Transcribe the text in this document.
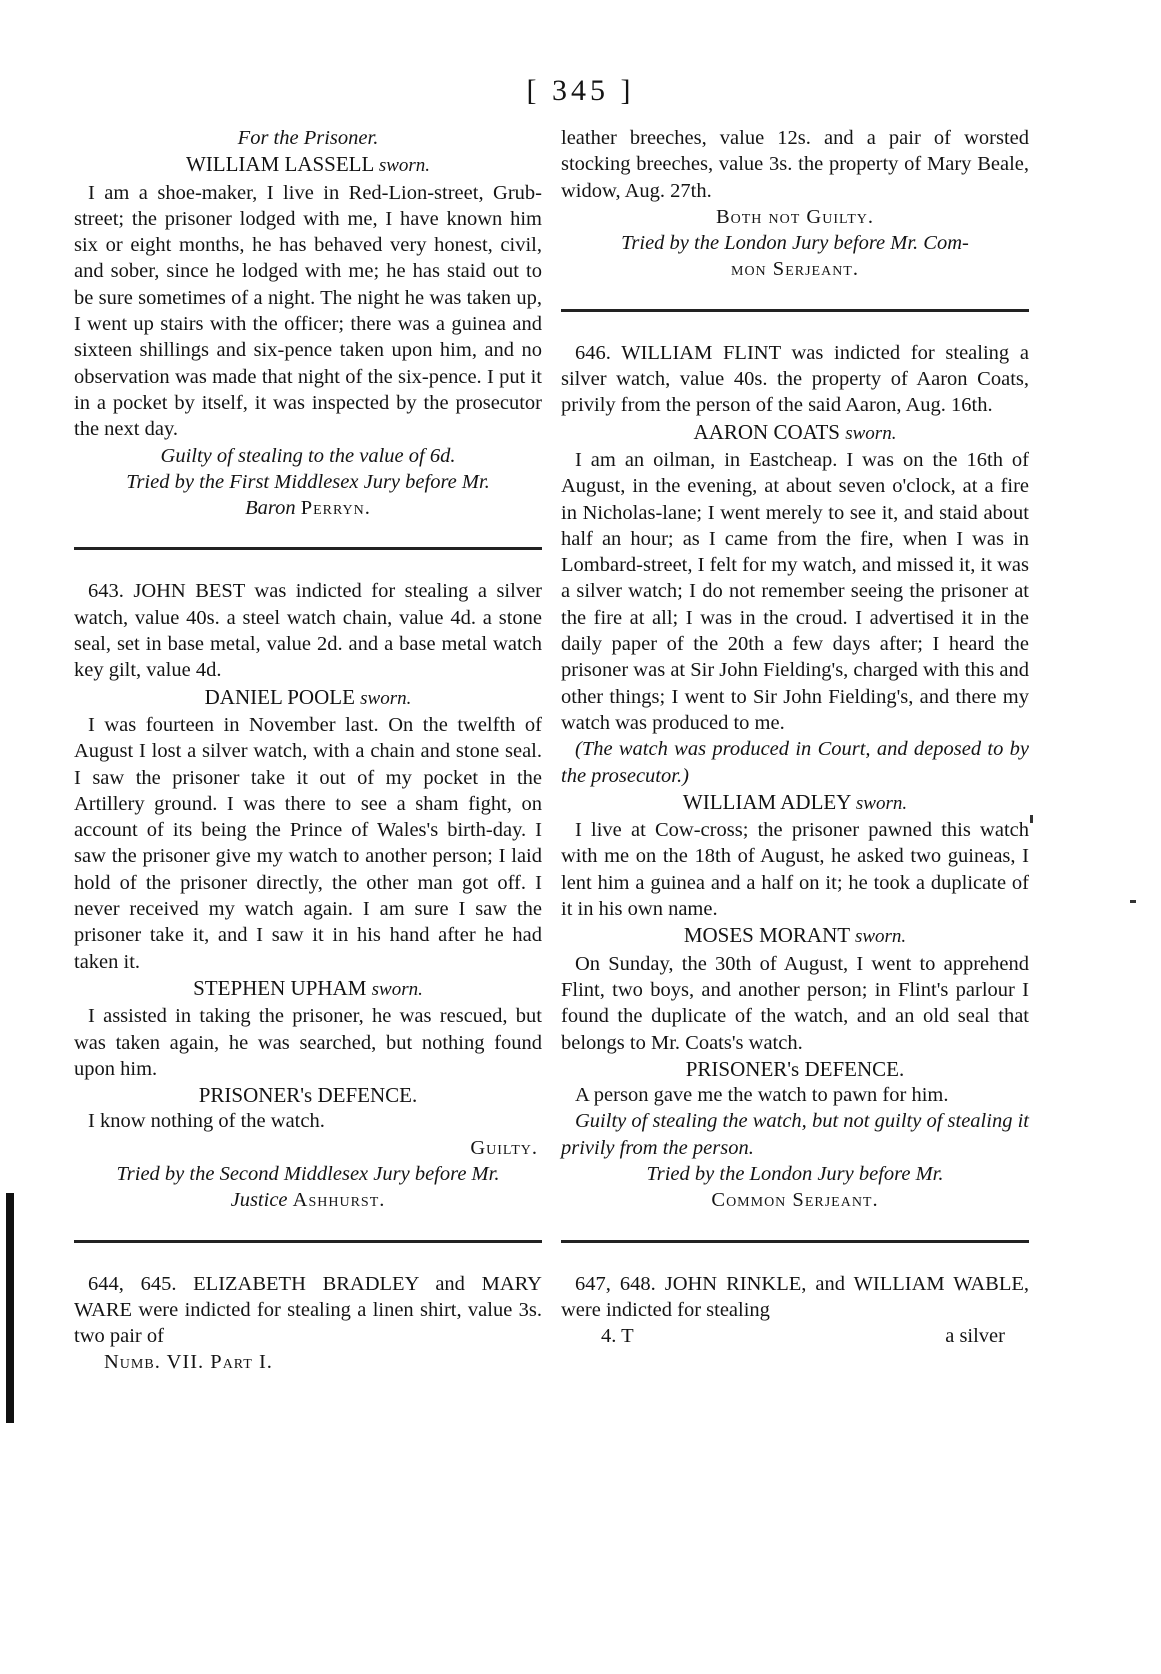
[ 345 ]

For the Prisoner.

WILLIAM LASSELL sworn.

I am a shoe-maker, I live in Red-Lion-street, Grub-street; the prisoner lodged with me, I have known him six or eight months, he has behaved very honest, civil, and sober, since he lodged with me; he has staid out to be sure sometimes of a night. The night he was taken up, I went up stairs with the officer; there was a guinea and sixteen shillings and six-pence taken upon him, and no observation was made that night of the six-pence. I put it in a pocket by itself, it was inspected by the prosecutor the next day.

Guilty of stealing to the value of 6d.

Tried by the First Middlesex Jury before Mr.

Baron Perryn.

643. JOHN BEST was indicted for stealing a silver watch, value 40s. a steel watch chain, value 4d. a stone seal, set in base metal, value 2d. and a base metal watch key gilt, value 4d.

DANIEL POOLE sworn.

I was fourteen in November last. On the twelfth of August I lost a silver watch, with a chain and stone seal. I saw the prisoner take it out of my pocket in the Artillery ground. I was there to see a sham fight, on account of its being the Prince of Wales's birth-day. I saw the prisoner give my watch to another person; I laid hold of the prisoner directly, the other man got off. I never received my watch again. I am sure I saw the prisoner take it, and I saw it in his hand after he had taken it.

STEPHEN UPHAM sworn.

I assisted in taking the prisoner, he was rescued, but was taken again, he was searched, but nothing found upon him.

PRISONER's DEFENCE.

I know nothing of the watch.

Guilty.

Tried by the Second Middlesex Jury before Mr.

Justice Ashhurst.

644, 645. ELIZABETH BRADLEY and MARY WARE were indicted for stealing a linen shirt, value 3s. two pair of

Numb. VII. Part I.

leather breeches, value 12s. and a pair of worsted stocking breeches, value 3s. the property of Mary Beale, widow, Aug. 27th.

Both not Guilty.

Tried by the London Jury before Mr. Com-

mon Serjeant.

646. WILLIAM FLINT was indicted for stealing a silver watch, value 40s. the property of Aaron Coats, privily from the person of the said Aaron, Aug. 16th.

AARON COATS sworn.

I am an oilman, in Eastcheap. I was on the 16th of August, in the evening, at about seven o'clock, at a fire in Nicholas-lane; I went merely to see it, and staid about half an hour; as I came from the fire, when I was in Lombard-street, I felt for my watch, and missed it, it was a silver watch; I do not remember seeing the prisoner at the fire at all; I was in the croud. I advertised it in the daily paper of the 20th a few days after; I heard the prisoner was at Sir John Fielding's, charged with this and other things; I went to Sir John Fielding's, and there my watch was produced to me.

(The watch was produced in Court, and deposed to by the prosecutor.)

WILLIAM ADLEY sworn.

I live at Cow-cross; the prisoner pawned this watch with me on the 18th of August, he asked two guineas, I lent him a guinea and a half on it; he took a duplicate of it in his own name.

MOSES MORANT sworn.

On Sunday, the 30th of August, I went to apprehend Flint, two boys, and another person; in Flint's parlour I found the duplicate of the watch, and an old seal that belongs to Mr. Coats's watch.

PRISONER's DEFENCE.

A person gave me the watch to pawn for him.

Guilty of stealing the watch, but not guilty of stealing it privily from the person.

Tried by the London Jury before Mr.

Common Serjeant.

647, 648. JOHN RINKLE, and WILLIAM WABLE, were indicted for stealing

4. T	a silver
